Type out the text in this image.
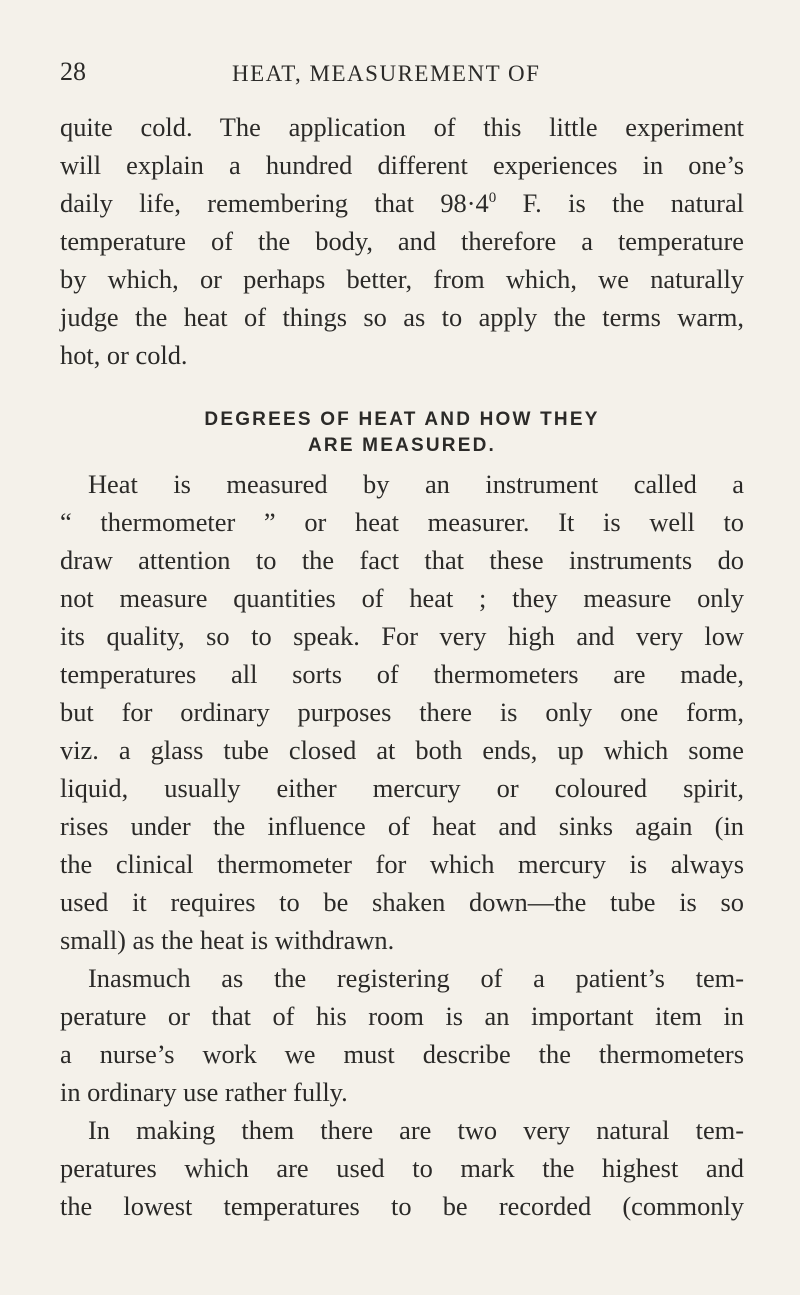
28	HEAT, MEASUREMENT OF
quite cold. The application of this little experiment
will explain a hundred different experiences in one’s
daily life, remembering that $98\cdot 4^0$ F. is the natural
temperature of the body, and therefore a temperature
by which, or perhaps better, from which, we naturally
judge the heat of things so as to apply the terms warm,
hot, or cold.
DEGREES OF HEAT AND HOW THEY
ARE MEASURED.
Heat is measured by an instrument called a
“ thermometer ” or heat measurer. It is well to
draw attention to the fact that these instruments do
not measure quantities of heat ; they measure only
its quality, so to speak. For very high and very low
temperatures all sorts of thermometers are made,
but for ordinary purposes there is only one form,
viz. a glass tube closed at both ends, up which some
liquid, usually either mercury or coloured spirit,
rises under the influence of heat and sinks again (in
the clinical thermometer for which mercury is always
used it requires to be shaken down—the tube is so
small) as the heat is withdrawn.
Inasmuch as the registering of a patient’s tem-
perature or that of his room is an important item in
a nurse’s work we must describe the thermometers
in ordinary use rather fully.
In making them there are two very natural tem-
peratures which are used to mark the highest and
the lowest temperatures to be recorded (commonly
